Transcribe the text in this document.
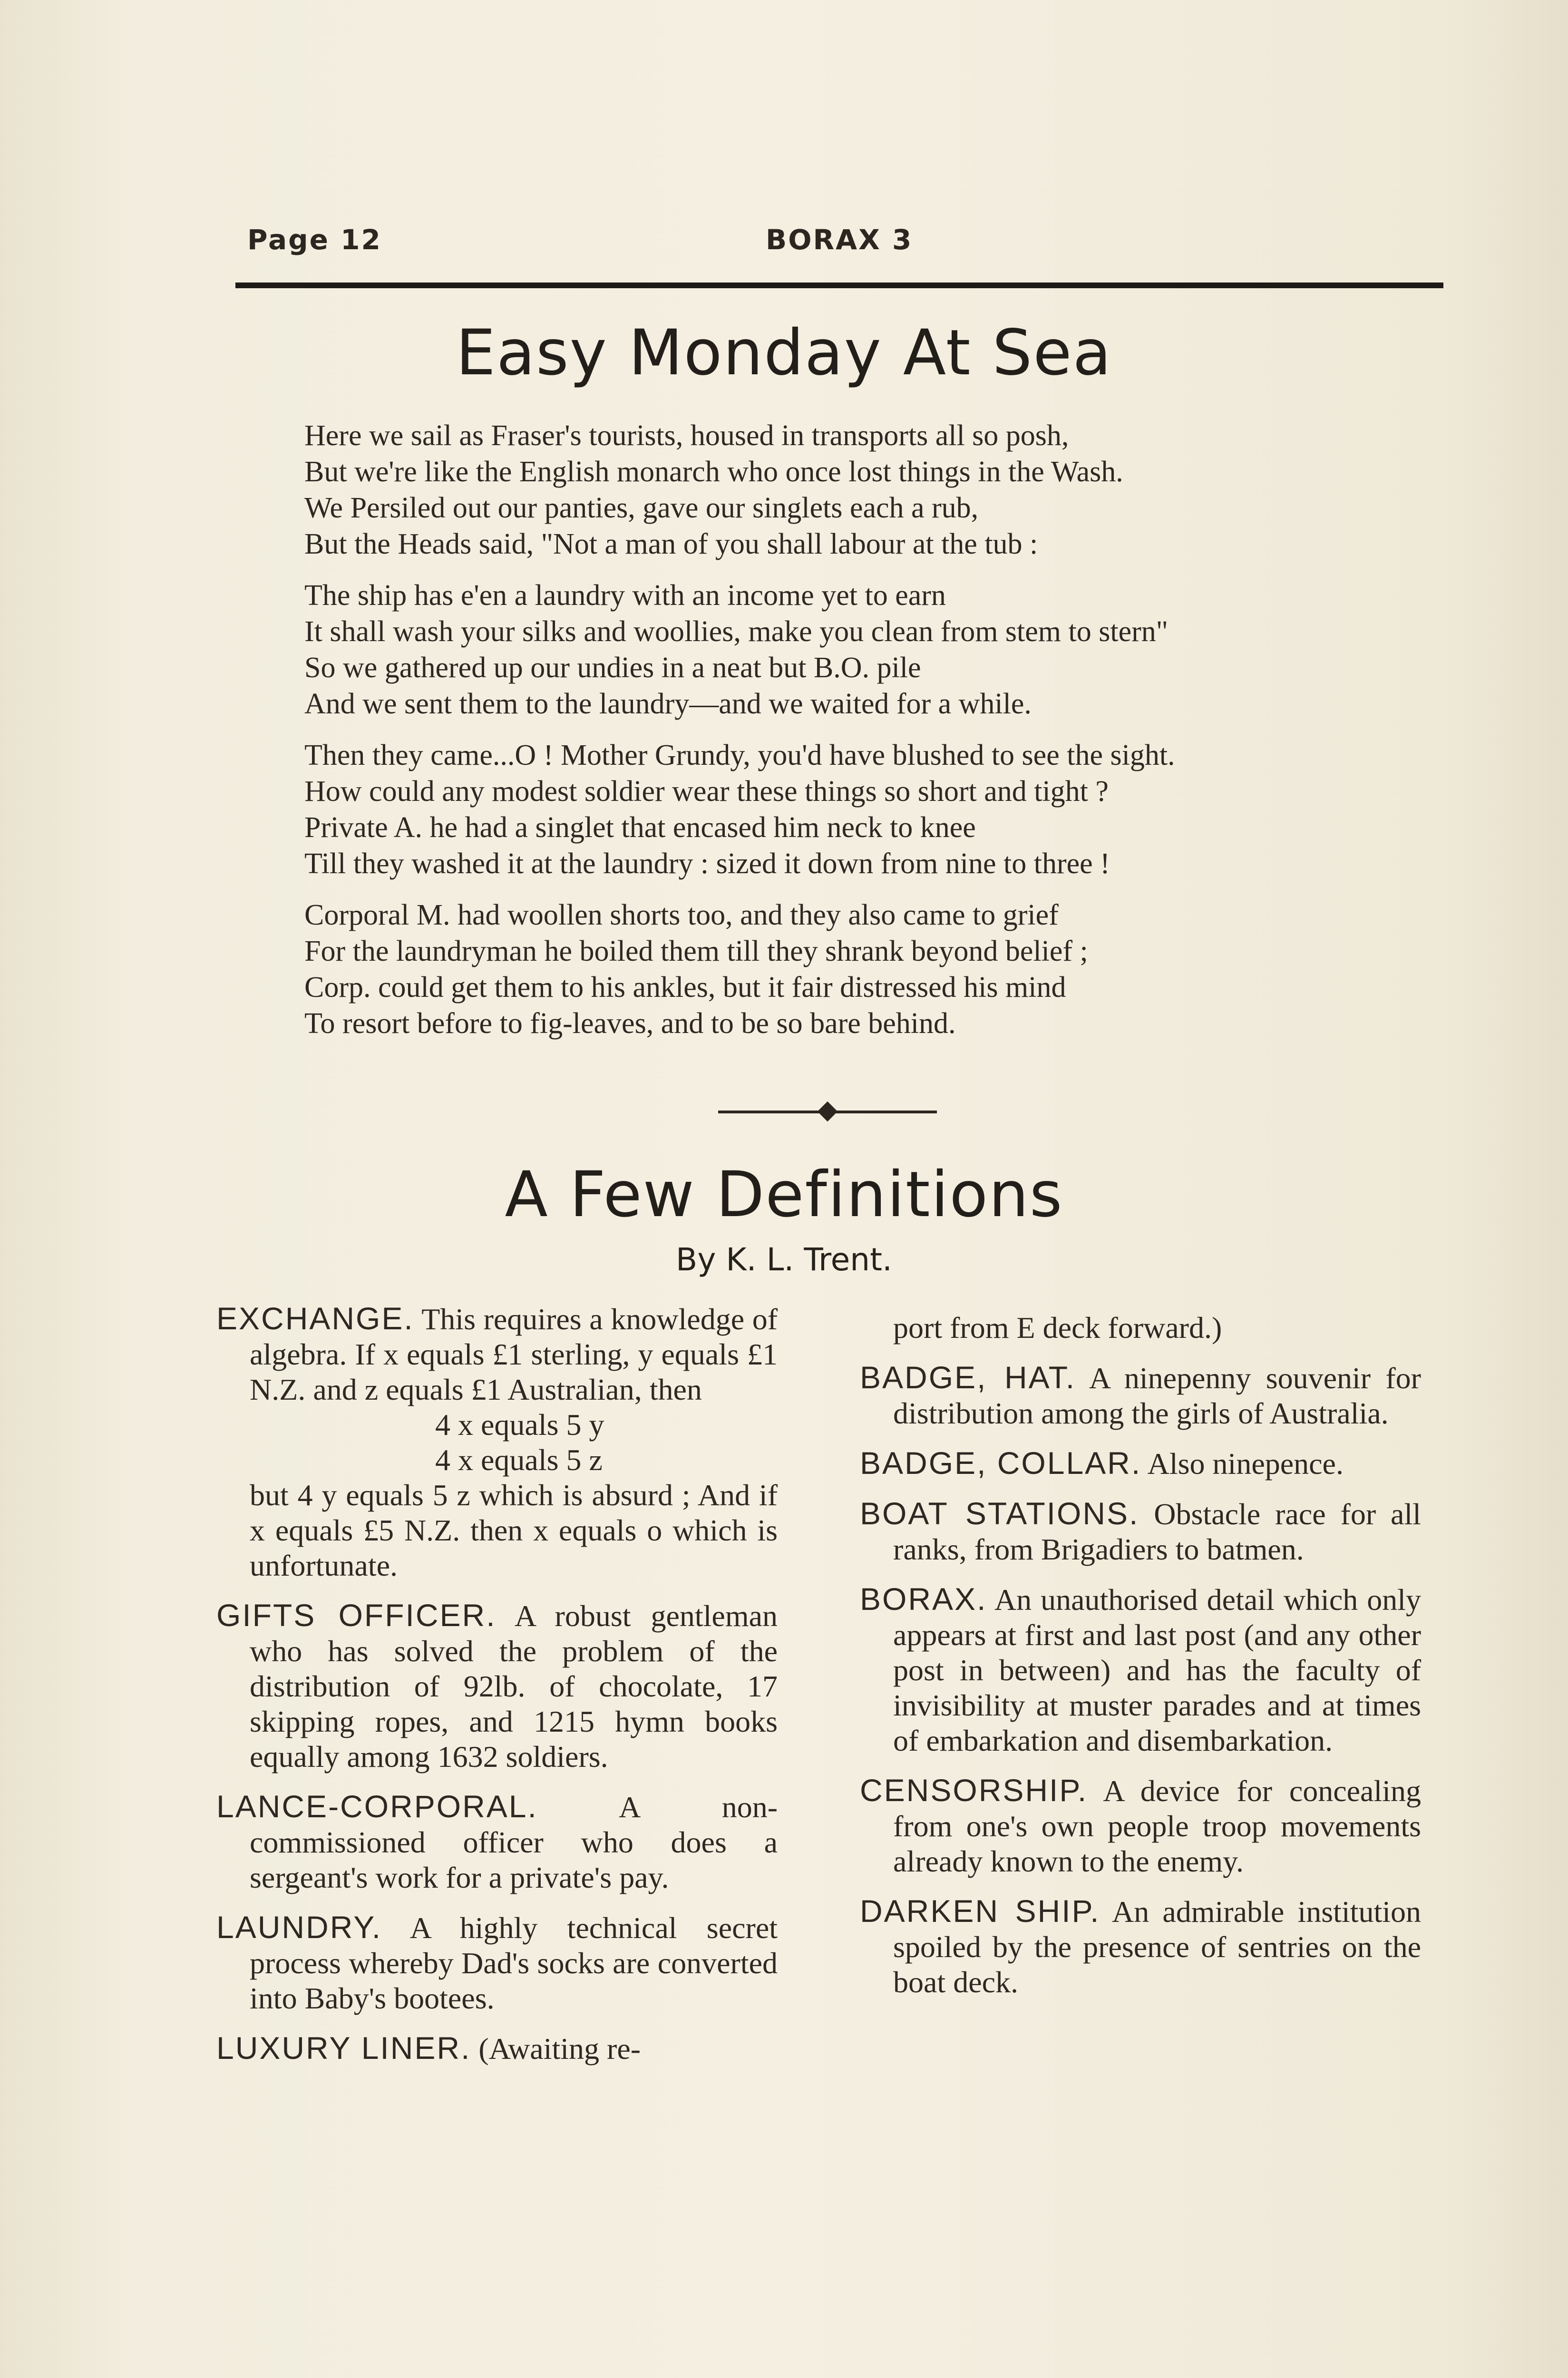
Page 12	BORAX 3
Easy Monday At Sea
Here we sail as Fraser's tourists, housed in transports all so posh,
But we're like the English monarch who once lost things in the Wash.
We Persiled out our panties, gave our singlets each a rub,
But the Heads said, "Not a man of you shall labour at the tub :
The ship has e'en a laundry with an income yet to earn
It shall wash your silks and woollies, make you clean from stem to stern"
So we gathered up our undies in a neat but B.O. pile
And we sent them to the laundry—and we waited for a while.
Then they came...O ! Mother Grundy, you'd have blushed to see the sight.
How could any modest soldier wear these things so short and tight ?
Private A. he had a singlet that encased him neck to knee
Till they washed it at the laundry : sized it down from nine to three !
Corporal M. had woollen shorts too, and they also came to grief
For the laundryman he boiled them till they shrank beyond belief ;
Corp. could get them to his ankles, but it fair distressed his mind
To resort before to fig-leaves, and to be so bare behind.
A Few Definitions
By K. L. Trent.
EXCHANGE. This requires a knowledge of algebra. If x equals £1 sterling, y equals £1 N.Z. and z equals £1 Australian, then
4 x equals 5 y
4 x equals 5 z
but 4 y equals 5 z which is absurd ; And if x equals £5 N.Z. then x equals o which is unfortunate.
GIFTS OFFICER. A robust gentleman who has solved the problem of the distribution of 92lb. of chocolate, 17 skipping ropes, and 1215 hymn books equally among 1632 soldiers.
LANCE-CORPORAL. A non-commissioned officer who does a sergeant's work for a private's pay.
LAUNDRY. A highly technical secret process whereby Dad's socks are converted into Baby's bootees.
LUXURY LINER. (Awaiting re-
port from E deck forward.)
BADGE, HAT. A ninepenny souvenir for distribution among the girls of Australia.
BADGE, COLLAR. Also ninepence.
BOAT STATIONS. Obstacle race for all ranks, from Brigadiers to batmen.
BORAX. An unauthorised detail which only appears at first and last post (and any other post in between) and has the faculty of invisibility at muster parades and at times of embarkation and disembarkation.
CENSORSHIP. A device for concealing from one's own people troop movements already known to the enemy.
DARKEN SHIP. An admirable institution spoiled by the presence of sentries on the boat deck.
